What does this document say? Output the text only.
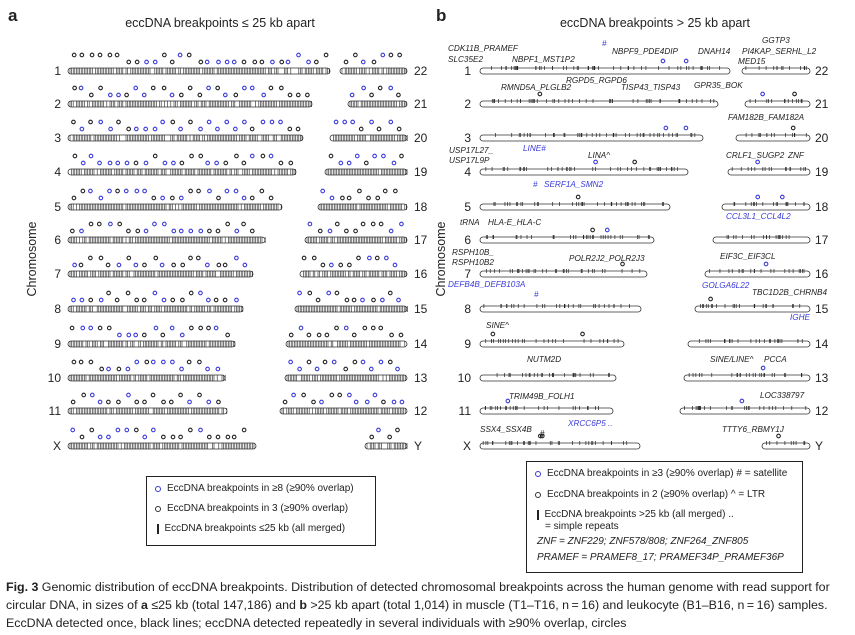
a	eccDNA breakpoints ≤ 25 kb apart	b	eccDNA breakpoints > 25 kb apart
Chromosome	Chromosome
1	22
2	21
3	20
4	19
5	18
6	17
7	16
8	15
9	14
10	13
11	12
X	Y
1	22
2	21
3	20
4	19
5	18
6	17
7	16
8	15
9	14
10	13
11	12
X	Y
CDK11B_PRAMEF
SLC35E2
#
NBPF9_PDE4DIP
NBPF1_MST1P2
DNAH14
GGTP3
PI4KAP_SERHL_L2
MED15
RGPD5_RGPD6
RMND5A_PLGLB2	TISP43_TISP43 GPR35_BOK
FAM182B_FAM182A
USP17L27_
USP17L9P
LINE#
LINA^	CRLF1_SUGP2 ZNF
# SERF1A_SMN2
tRNA HLA-E_HLA-C
CCL3L1_CCL4L2
RSPH10B_
RSPH10B2	POLR2J2_POLR2J3	EIF3C_EIF3CL
DEFB4B_DEFB103A
#
GOLGA6L22
TBC1D2B_CHRNB4
IGHE
SINE^
NUTM2D	SINE/LINE^ PCCA
TRIM49B_FOLH1	LOC338797
SSX4_SSX4B #
XRCC6P5 ..
TTTY6_RBMY1J
EccDNA breakpoints in ≥8 (≥90% overlap)
EccDNA breakpoints in 3 (≥90% overlap)
EccDNA breakpoints ≤25 kb (all merged)
EccDNA breakpoints in ≥3 (≥90% overlap) # = satellite
EccDNA breakpoints in 2 (≥90% overlap) ^ = LTR
EccDNA breakpoints >25 kb (all merged) ..
= simple repeats
ZNF = ZNF229; ZNF578/808; ZNF264_ZNF805
PRAMEF = PRAMEF8_17; PRAMEF34P_PRAMEF36P
Fig. 3 Genomic distribution of eccDNA breakpoints. Distribution of detected chromosomal breakpoints across the human genome with read support for circular DNA, in sizes of a ≤25 kb (total 147,186) and b >25 kb apart (total 1,014) in muscle (T1–T16, n = 16) and leukocyte (B1–B16, n = 16) samples. EccDNA detected once, black lines; eccDNA detected repeatedly in several individuals with ≥90% overlap, circles
